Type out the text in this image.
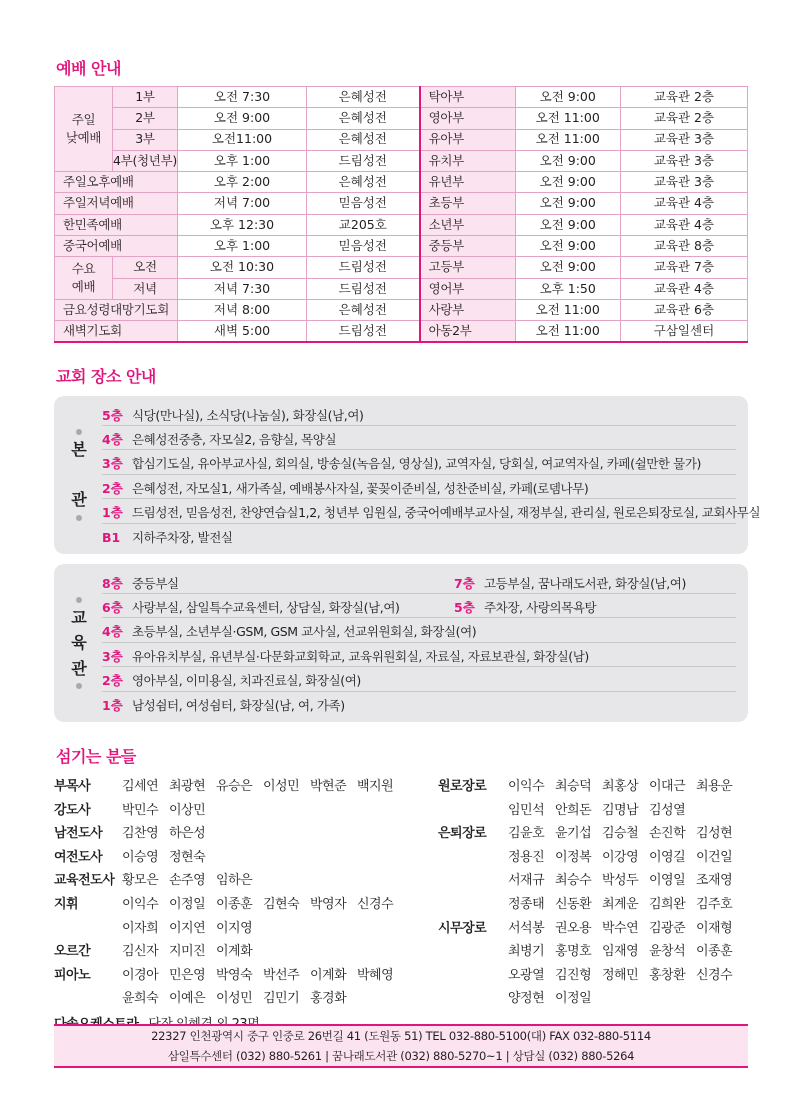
예배 안내
주일
낮예배	1부	오전 7:30	은혜성전	탁아부	오전 9:00	교육관 2층
	2부	오전 9:00	은혜성전	영아부	오전 11:00	교육관 2층
	3부	오전11:00	은혜성전	유아부	오전 11:00	교육관 3층
	4부(청년부)	오후 1:00	드림성전	유치부	오전 9:00	교육관 3층
주일오후예배		오후 2:00	은혜성전	유년부	오전 9:00	교육관 3층
주일저녁예배		저녁 7:00	믿음성전	초등부	오전 9:00	교육관 4층
한민족예배		오후 12:30	교205호	소년부	오전 9:00	교육관 4층
중국어예배		오후 1:00	믿음성전	중등부	오전 9:00	교육관 8층
수요
예배	오전	오전 10:30	드림성전	고등부	오전 9:00	교육관 7층
	저녁	저녁 7:30	드림성전	영어부	오후 1:50	교육관 4층
금요성령대망기도회		저녁 8:00	은혜성전	사랑부	오전 11:00	교육관 6층
새벽기도회		새벽 5:00	드림성전	아동2부	오전 11:00	구삼일센터
교회 장소 안내
본
관
5층 식당(만나실), 소식당(나눔실), 화장실(남,여)
4층 은혜성전중층, 자모실2, 음향실, 목양실
3층 합심기도실, 유아부교사실, 회의실, 방송실(녹음실, 영상실), 교역자실, 당회실, 여교역자실, 카페(쉴만한 물가)
2층 은혜성전, 자모실1, 새가족실, 예배봉사자실, 꽃꽂이준비실, 성찬준비실, 카페(로뎀나무)
1층 드림성전, 믿음성전, 찬양연습실1,2, 청년부 임원실, 중국어예배부교사실, 재정부실, 관리실, 원로은퇴장로실, 교회사무실
B1 지하주차장, 발전실
교
육
관
8층 중등부실	7층 고등부실, 꿈나래도서관, 화장실(남,여)
6층 사랑부실, 삼일특수교육센터, 상담실, 화장실(남,여)	5층 주차장, 사랑의목욕탕
4층 초등부실, 소년부실·GSM, GSM 교사실, 선교위원회실, 화장실(여)
3층 유아유치부실, 유년부실·다문화교회학교, 교육위원회실, 자료실, 자료보관실, 화장실(남)
2층 영아부실, 이미용실, 치과진료실, 화장실(여)
1층 남성쉼터, 여성쉼터, 화장실(남, 여, 가족)
섬기는 분들
부목사	김세연 최광현 유승은 이성민 박현준 백지원
강도사	박민수 이상민
남전도사 김찬영 하은성
여전도사 이승영 정현숙
교육전도사 황모은 손주영 임하은
지휘	이익수 이정일 이종훈 김현숙 박영자 신경수
이자희 이지연 이지영
오르간	김신자 지미진 이계화
피아노	이경아 민은영 박영숙 박선주 이계화 박혜영
윤희숙 이예은 이성민 김민기 홍경화
원로장로 이익수 최승덕 최홍상 이대근 최용운
임민석 안희돈 김명남 김성열
은퇴장로 김윤호 윤기섭 김승철 손진학 김성현
정용진 이정복 이강영 이영길 이건일
서재규 최승수 박성두 이영일 조재영
정종태 신동환 최계운 김희완 김주호
시무장로 서석봉 권오용 박수연 김광준 이재형
최병기 홍명호 임재영 윤창석 이종훈
오광열 김진형 정해민 홍창환 신경수
양정현 이정일
22327 인천광역시 중구 인중로 26번길 41 (도원동 51) TEL 032-880-5100(대) FAX 032-880-5114
삼일특수센터 (032) 880-5261 | 꿈나래도서관 (032) 880-5270~1 | 상담실 (032) 880-5264
